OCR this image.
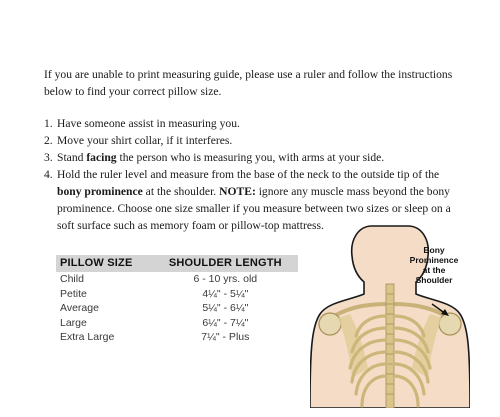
If you are unable to print measuring guide, please use a ruler and follow the instructions below to find your correct pillow size.

1. Have someone assist in measuring you.
2. Move your shirt collar, if it interferes.
3. Stand facing the person who is measuring you, with arms at your side.
4. Hold the ruler level and measure from the base of the neck to the outside tip of the bony prominence at the shoulder. NOTE: ignore any muscle mass beyond the bony prominence. Choose one size smaller if you measure between two sizes or sleep on a soft surface such as memory foam or pillow-top mattress.
PILLOW SIZE	SHOULDER LENGTH
Child	6 - 10 yrs. old
Petite	4¼" - 5¼"
Average	5¼" - 6¼"
Large	6¼" - 7¼"
Extra Large	7¼" - Plus
Bony
Prominence
at the Shoulder
